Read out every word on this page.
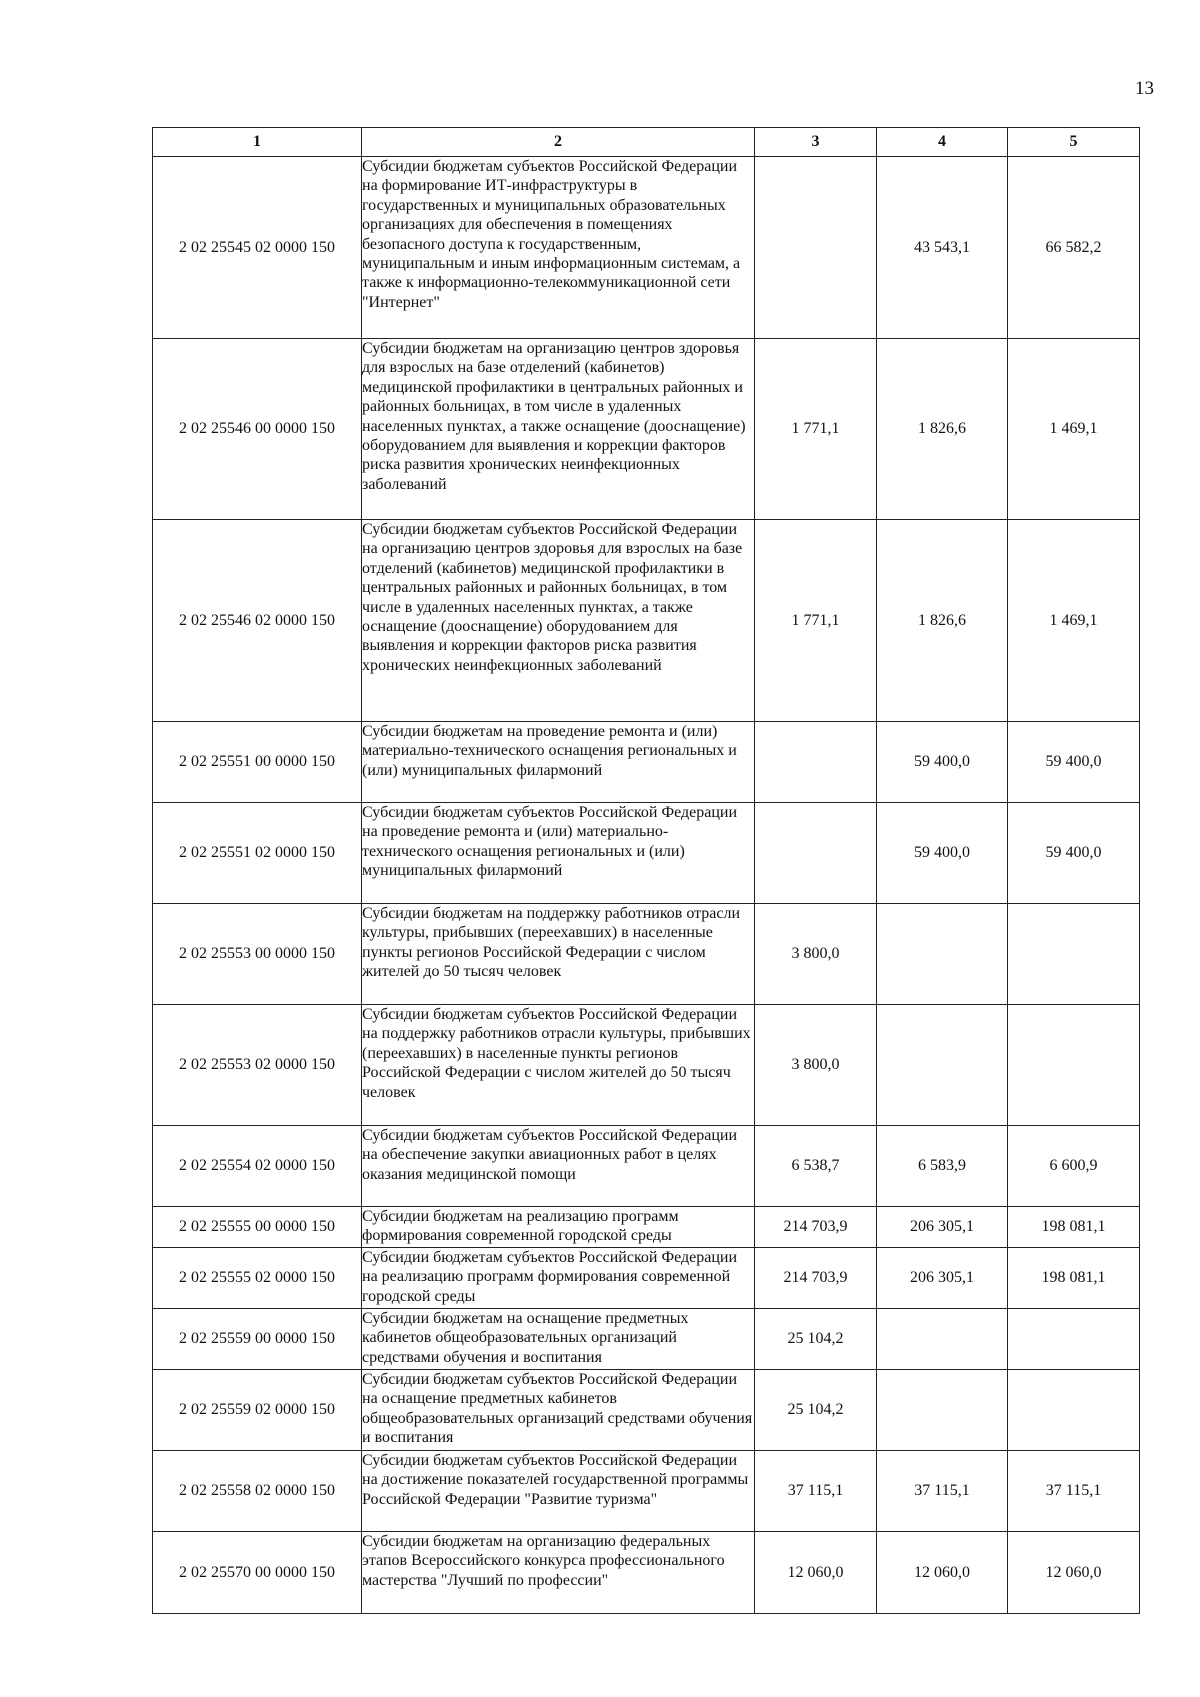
13
1	2	3	4	5
2 02 25545 02 0000 150	Субсидии бюджетам субъектов Российской Федерации на формирование ИТ-инфраструктуры в государственных и муниципальных образовательных организациях для обеспечения в помещениях безопасного доступа к государственным, муниципальным и иным информационным системам, а также к информационно-телекоммуникационной сети "Интернет"		43 543,1	66 582,2
2 02 25546 00 0000 150	Субсидии бюджетам на организацию центров здоровья для взрослых на базе отделений (кабинетов) медицинской профилактики в центральных районных и районных больницах, в том числе в удаленных населенных пунктах, а также оснащение (дооснащение) оборудованием для выявления и коррекции факторов риска развития хронических неинфекционных заболеваний	1 771,1	1 826,6	1 469,1
2 02 25546 02 0000 150	Субсидии бюджетам субъектов Российской Федерации на организацию центров здоровья для взрослых на базе отделений (кабинетов) медицинской профилактики в центральных районных и районных больницах, в том числе в удаленных населенных пунктах, а также оснащение (дооснащение) оборудованием для выявления и коррекции факторов риска развития хронических неинфекционных заболеваний	1 771,1	1 826,6	1 469,1
2 02 25551 00 0000 150	Субсидии бюджетам на проведение ремонта и (или) материально-технического оснащения региональных и (или) муниципальных филармоний		59 400,0	59 400,0
2 02 25551 02 0000 150	Субсидии бюджетам субъектов Российской Федерации на проведение ремонта и (или) материально-технического оснащения региональных и (или) муниципальных филармоний		59 400,0	59 400,0
2 02 25553 00 0000 150	Субсидии бюджетам на поддержку работников отрасли культуры, прибывших (переехавших) в населенные пункты регионов Российской Федерации с числом жителей до 50 тысяч человек	3 800,0		
2 02 25553 02 0000 150	Субсидии бюджетам субъектов Российской Федерации на поддержку работников отрасли культуры, прибывших (переехавших) в населенные пункты регионов Российской Федерации с числом жителей до 50 тысяч человек	3 800,0		
2 02 25554 02 0000 150	Субсидии бюджетам субъектов Российской Федерации на обеспечение закупки авиационных работ в целях оказания медицинской помощи	6 538,7	6 583,9	6 600,9
2 02 25555 00 0000 150	Субсидии бюджетам на реализацию программ формирования современной городской среды	214 703,9	206 305,1	198 081,1
2 02 25555 02 0000 150	Субсидии бюджетам субъектов Российской Федерации на реализацию программ формирования современной городской среды	214 703,9	206 305,1	198 081,1
2 02 25559 00 0000 150	Субсидии бюджетам на оснащение предметных кабинетов общеобразовательных организаций средствами обучения и воспитания	25 104,2		
2 02 25559 02 0000 150	Субсидии бюджетам субъектов Российской Федерации на оснащение предметных кабинетов общеобразовательных организаций средствами обучения и воспитания	25 104,2		
2 02 25558 02 0000 150	Субсидии бюджетам субъектов Российской Федерации на достижение показателей государственной программы Российской Федерации "Развитие туризма"	37 115,1	37 115,1	37 115,1
2 02 25570 00 0000 150	Субсидии бюджетам на организацию федеральных этапов Всероссийского конкурса профессионального мастерства "Лучший по профессии"	12 060,0	12 060,0	12 060,0
